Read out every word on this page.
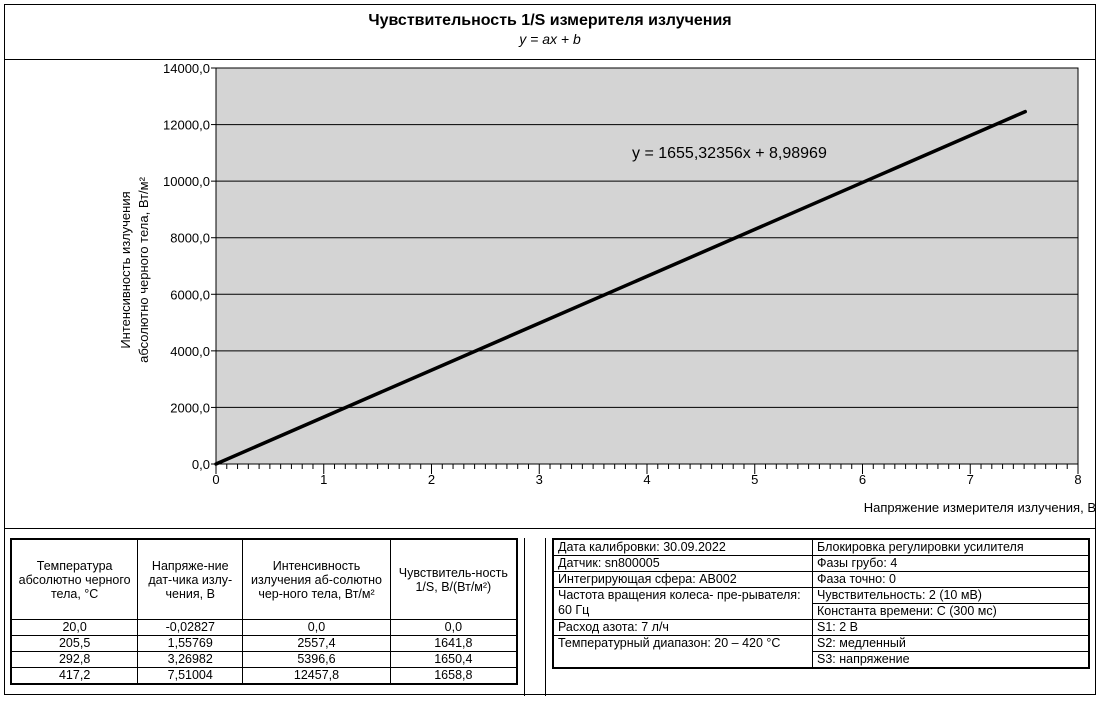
Чувствительность 1/S измерителя излучения
y = ax + b
0,0
2000,0
4000,0
6000,0
8000,0
10000,0
12000,0
14000,0
0	1	2	3	4	5	6	7	8
y = 1655,32356x + 8,98969
Напряжение измерителя излучения, В
Интенсивность излучения абсолютно черного тела, Вт/м²
Температура абсолютно черного тела, °С	Напряже-ние дат-чика излу-чения, В	Интенсивность излучения аб-солютно чер-ного тела, Вт/м²	Чувствитель-ность 1/S, В/(Вт/м²)
20,0	-0,02827	0,0	0,0
205,5	1,55769	2557,4	1641,8
292,8	3,26982	5396,6	1650,4
417,2	7,51004	12457,8	1658,8
Дата калибровки: 30.09.2022	Блокировка регулировки усилителя
Датчик: sn800005	Фазы грубо: 4
Интегрирующая сфера: AB002	Фаза точно: 0
Частота вращения колеса- пре-рывателя: 60 Гц	Чувствительность: 2 (10 мВ)
	Константа времени: С (300 мс)
Расход азота: 7 л/ч	S1: 2 В
Температурный диапазон: 20 – 420 °С	S2: медленный
	S3: напряжение
